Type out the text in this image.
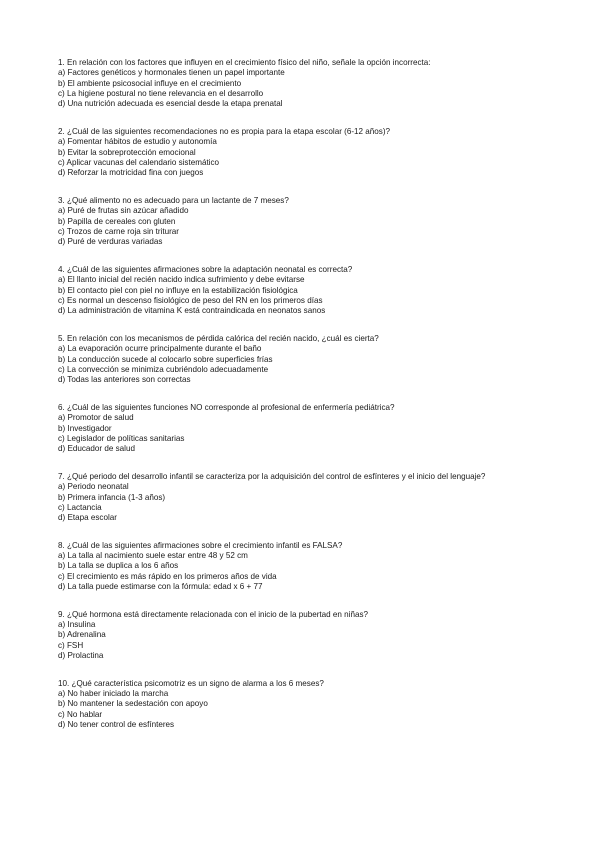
1. En relación con los factores que influyen en el crecimiento físico del niño, señale la opción incorrecta:

a) Factores genéticos y hormonales tienen un papel importante

b) El ambiente psicosocial influye en el crecimiento

c) La higiene postural no tiene relevancia en el desarrollo

d) Una nutrición adecuada es esencial desde la etapa prenatal

2. ¿Cuál de las siguientes recomendaciones no es propia para la etapa escolar (6-12 años)?

a) Fomentar hábitos de estudio y autonomía

b) Evitar la sobreprotección emocional

c) Aplicar vacunas del calendario sistemático

d) Reforzar la motricidad fina con juegos

3. ¿Qué alimento no es adecuado para un lactante de 7 meses?

a) Puré de frutas sin azúcar añadido

b) Papilla de cereales con gluten

c) Trozos de carne roja sin triturar

d) Puré de verduras variadas

4. ¿Cuál de las siguientes afirmaciones sobre la adaptación neonatal es correcta?

a) El llanto inicial del recién nacido indica sufrimiento y debe evitarse

b) El contacto piel con piel no influye en la estabilización fisiológica

c) Es normal un descenso fisiológico de peso del RN en los primeros días

d) La administración de vitamina K está contraindicada en neonatos sanos

5. En relación con los mecanismos de pérdida calórica del recién nacido, ¿cuál es cierta?

a) La evaporación ocurre principalmente durante el baño

b) La conducción sucede al colocarlo sobre superficies frías

c) La convección se minimiza cubriéndolo adecuadamente

d) Todas las anteriores son correctas

6. ¿Cuál de las siguientes funciones NO corresponde al profesional de enfermería pediátrica?

a) Promotor de salud

b) Investigador

c) Legislador de políticas sanitarias

d) Educador de salud

7. ¿Qué periodo del desarrollo infantil se caracteriza por la adquisición del control de esfínteres y el inicio del lenguaje?

a) Periodo neonatal

b) Primera infancia (1-3 años)

c) Lactancia

d) Etapa escolar

8. ¿Cuál de las siguientes afirmaciones sobre el crecimiento infantil es FALSA?

a) La talla al nacimiento suele estar entre 48 y 52 cm

b) La talla se duplica a los 6 años

c) El crecimiento es más rápido en los primeros años de vida

d) La talla puede estimarse con la fórmula: edad x 6 + 77

9. ¿Qué hormona está directamente relacionada con el inicio de la pubertad en niñas?

a) Insulina

b) Adrenalina

c) FSH

d) Prolactina

10. ¿Qué característica psicomotriz es un signo de alarma a los 6 meses?

a) No haber iniciado la marcha

b) No mantener la sedestación con apoyo

c) No hablar

d) No tener control de esfínteres
